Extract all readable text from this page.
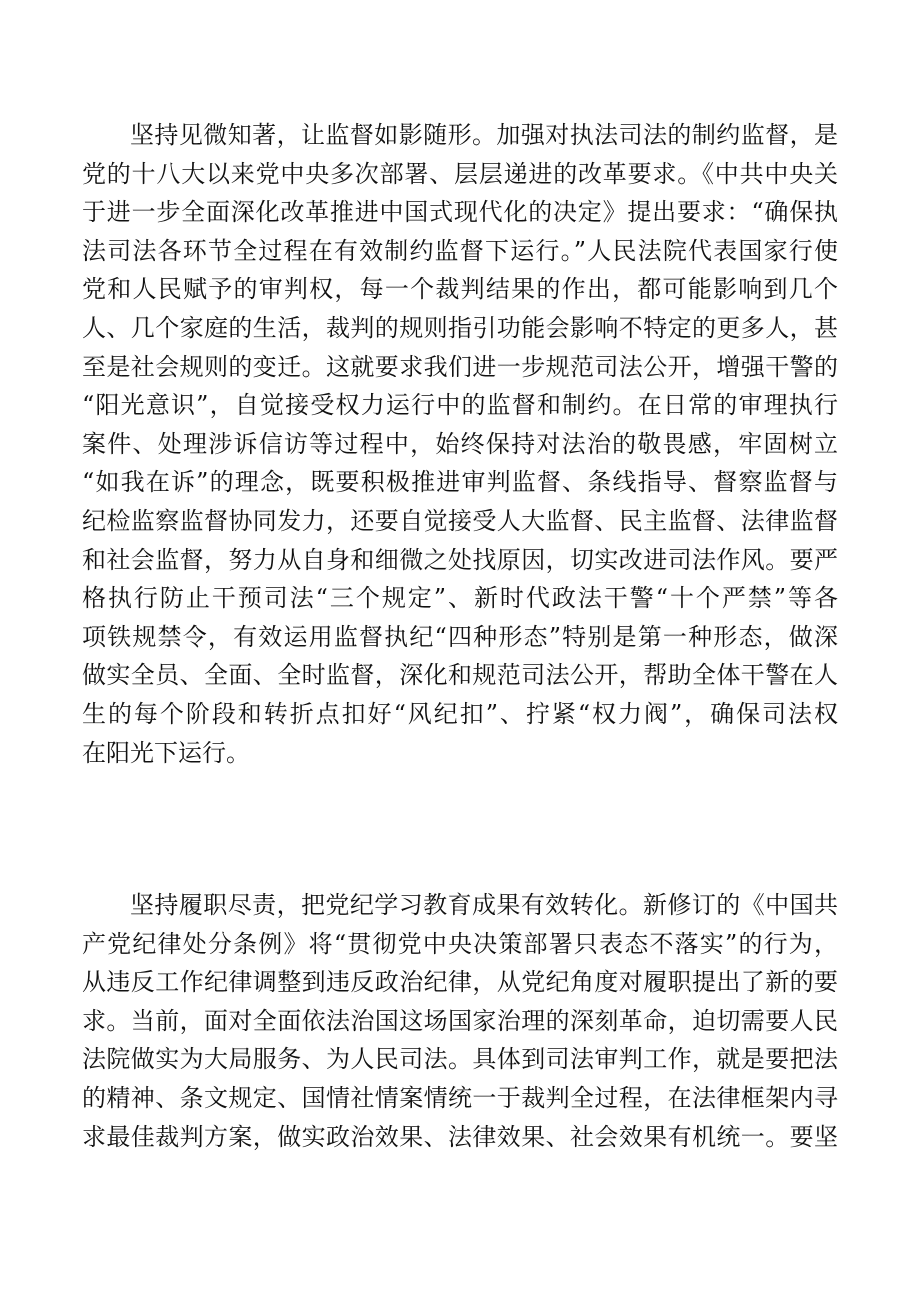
坚持见微知著，让监督如影随形。加强对执法司法的制约监督，是
党的十八大以来党中央多次部署、层层递进的改革要求。《中共中央关
于进一步全面深化改革推进中国式现代化的决定》提出要求：“确保执
法司法各环节全过程在有效制约监督下运行。”人民法院代表国家行使
党和人民赋予的审判权，每一个裁判结果的作出，都可能影响到几个
人、几个家庭的生活，裁判的规则指引功能会影响不特定的更多人，甚
至是社会规则的变迁。这就要求我们进一步规范司法公开，增强干警的
“阳光意识”，自觉接受权力运行中的监督和制约。在日常的审理执行
案件、处理涉诉信访等过程中，始终保持对法治的敬畏感，牢固树立
“如我在诉”的理念，既要积极推进审判监督、条线指导、督察监督与
纪检监察监督协同发力，还要自觉接受人大监督、民主监督、法律监督
和社会监督，努力从自身和细微之处找原因，切实改进司法作风。要严
格执行防止干预司法“三个规定”、新时代政法干警“十个严禁”等各
项铁规禁令，有效运用监督执纪“四种形态”特别是第一种形态，做深
做实全员、全面、全时监督，深化和规范司法公开，帮助全体干警在人
生的每个阶段和转折点扣好“风纪扣”、拧紧“权力阀”，确保司法权
在阳光下运行。
坚持履职尽责，把党纪学习教育成果有效转化。新修订的《中国共
产党纪律处分条例》将“贯彻党中央决策部署只表态不落实”的行为，
从违反工作纪律调整到违反政治纪律，从党纪角度对履职提出了新的要
求。当前，面对全面依法治国这场国家治理的深刻革命，迫切需要人民
法院做实为大局服务、为人民司法。具体到司法审判工作，就是要把法
的精神、条文规定、国情社情案情统一于裁判全过程，在法律框架内寻
求最佳裁判方案，做实政治效果、法律效果、社会效果有机统一。要坚
